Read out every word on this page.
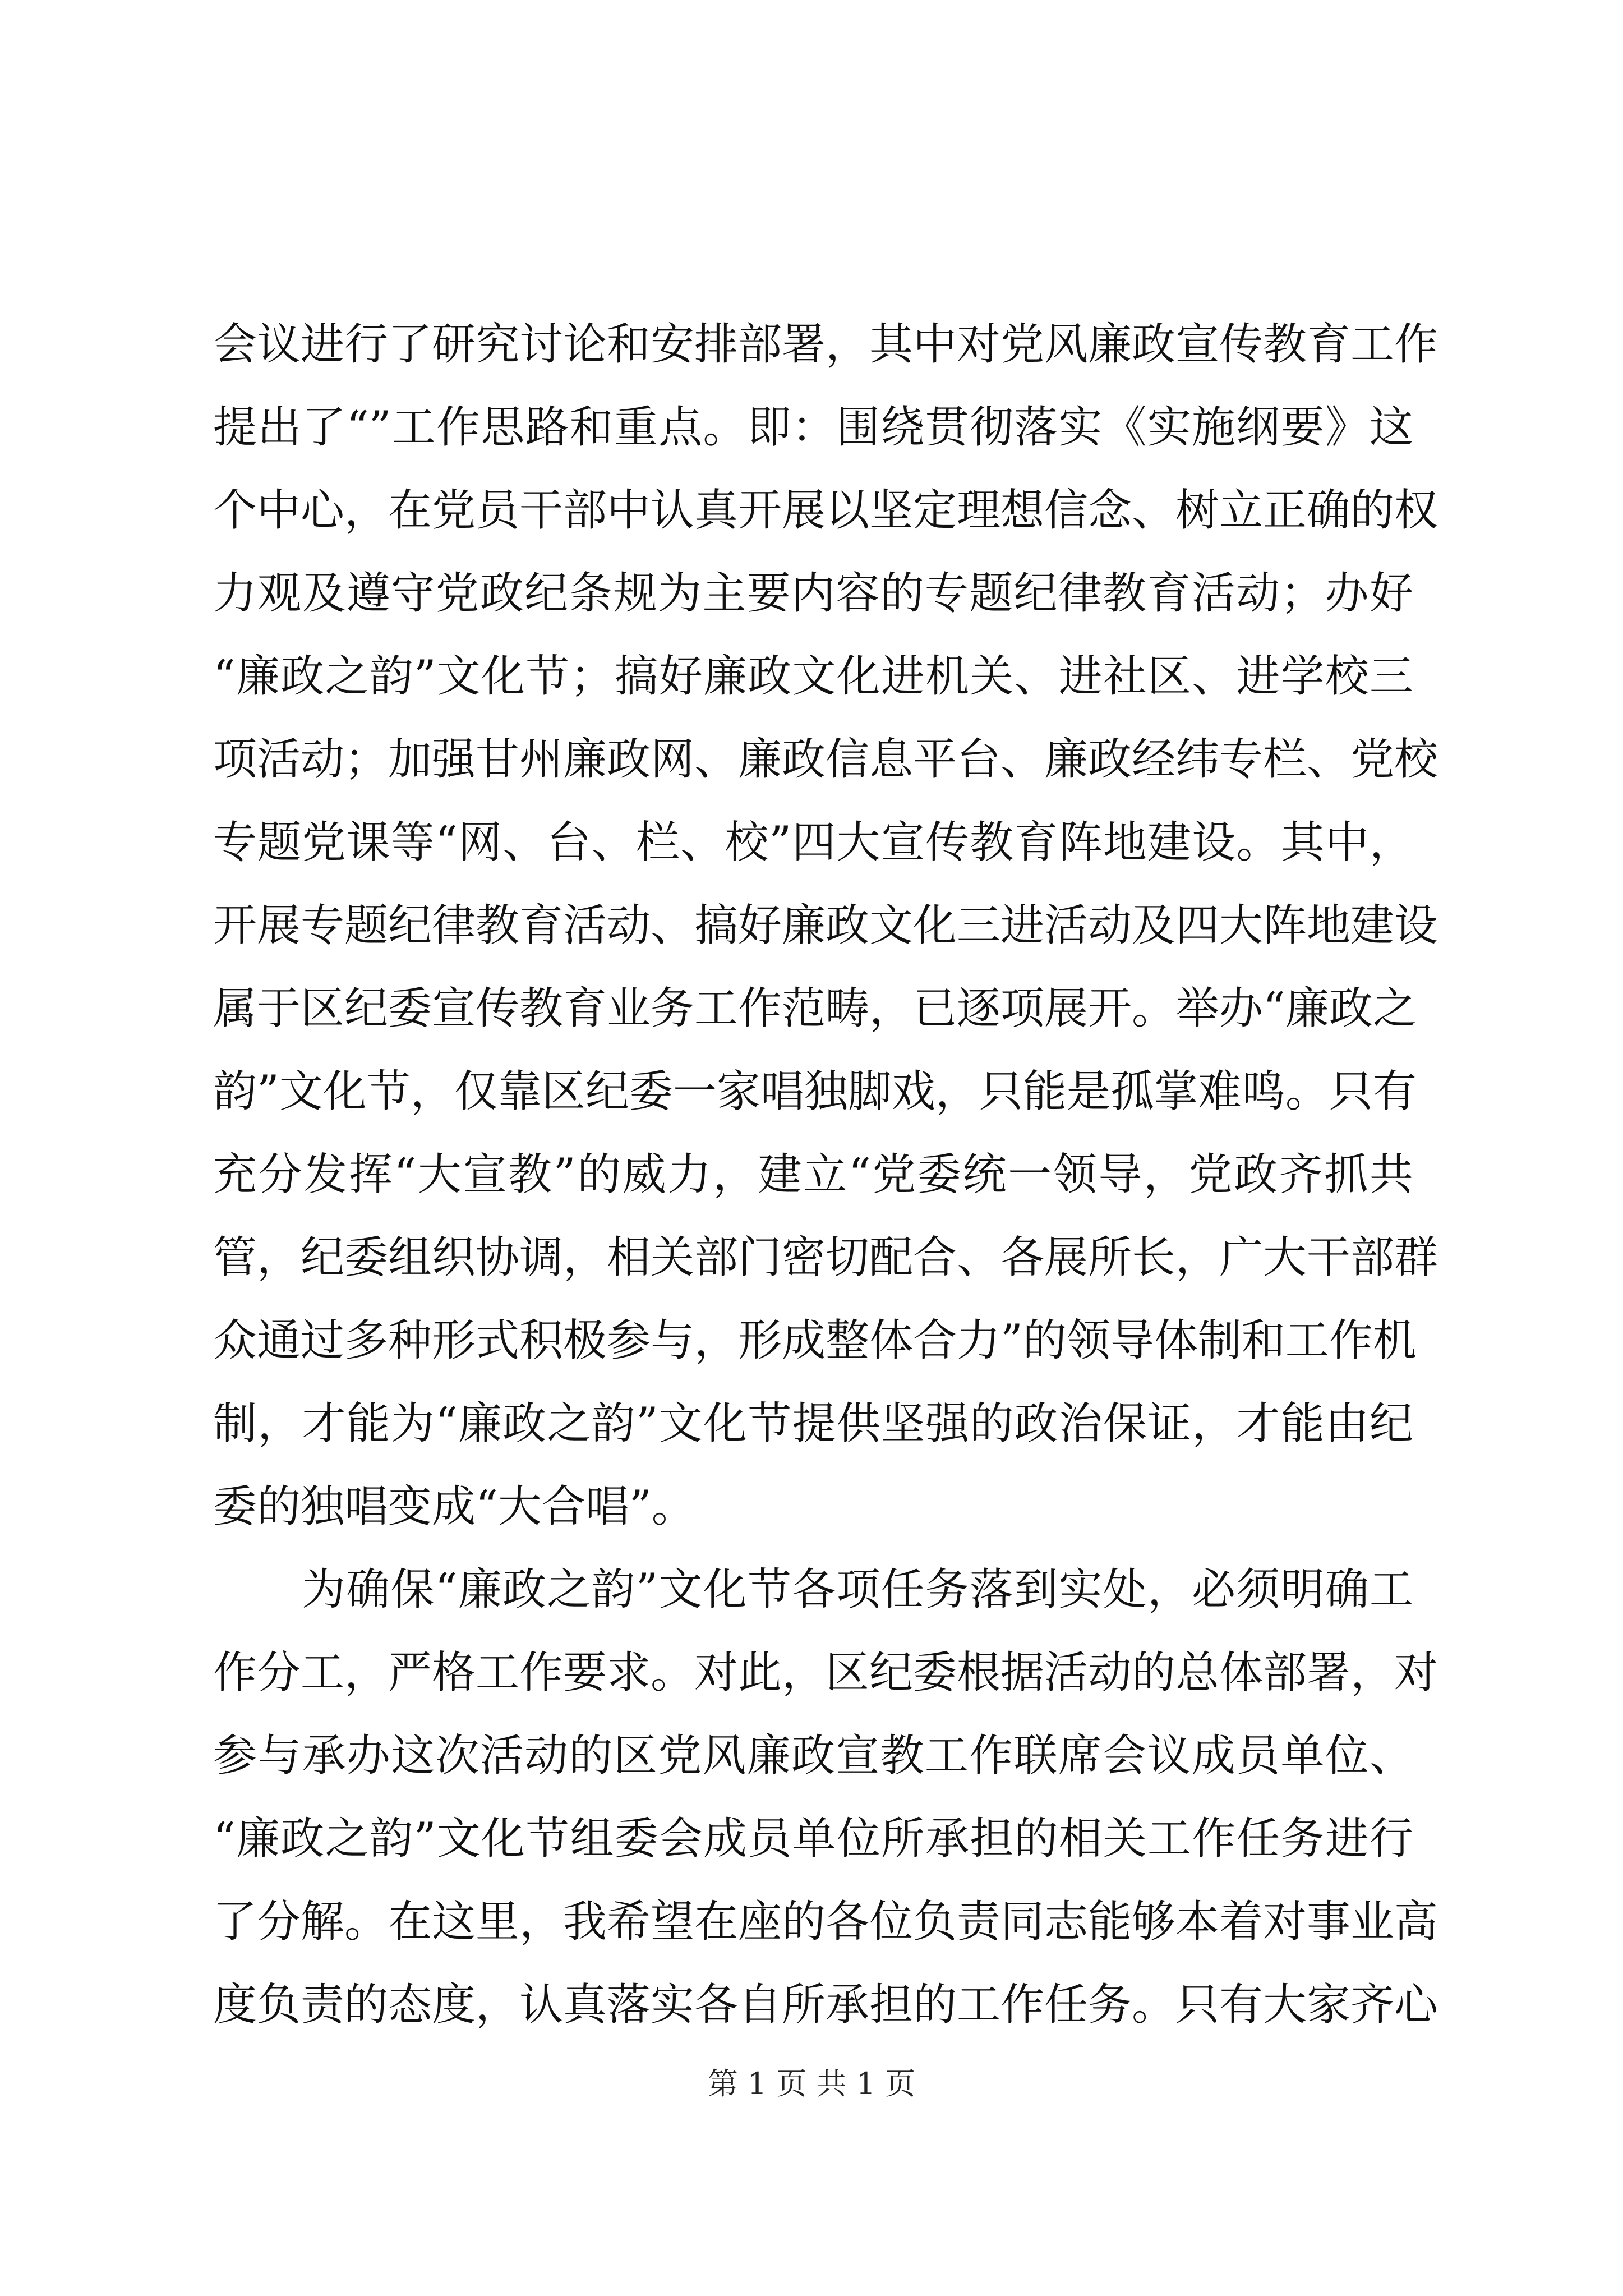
会议进行了研究讨论和安排部署，其中对党风廉政宣传教育工作
提出了“”工作思路和重点。即：围绕贯彻落实《实施纲要》这
个中心，在党员干部中认真开展以坚定理想信念、树立正确的权
力观及遵守党政纪条规为主要内容的专题纪律教育活动；办好
“廉政之韵”文化节；搞好廉政文化进机关、进社区、进学校三
项活动；加强甘州廉政网、廉政信息平台、廉政经纬专栏、党校
专题党课等“网、台、栏、校”四大宣传教育阵地建设。其中，
开展专题纪律教育活动、搞好廉政文化三进活动及四大阵地建设
属于区纪委宣传教育业务工作范畴，已逐项展开。举办“廉政之
韵”文化节，仅靠区纪委一家唱独脚戏，只能是孤掌难鸣。只有
充分发挥“大宣教”的威力，建立“党委统一领导，党政齐抓共
管，纪委组织协调，相关部门密切配合、各展所长，广大干部群
众通过多种形式积极参与，形成整体合力”的领导体制和工作机
制，才能为“廉政之韵”文化节提供坚强的政治保证，才能由纪
委的独唱变成“大合唱”。
为确保“廉政之韵”文化节各项任务落到实处，必须明确工
作分工，严格工作要求。对此，区纪委根据活动的总体部署，对
参与承办这次活动的区党风廉政宣教工作联席会议成员单位、
“廉政之韵”文化节组委会成员单位所承担的相关工作任务进行
了分解。在这里，我希望在座的各位负责同志能够本着对事业高
度负责的态度，认真落实各自所承担的工作任务。只有大家齐心
第 1 页 共 1 页
